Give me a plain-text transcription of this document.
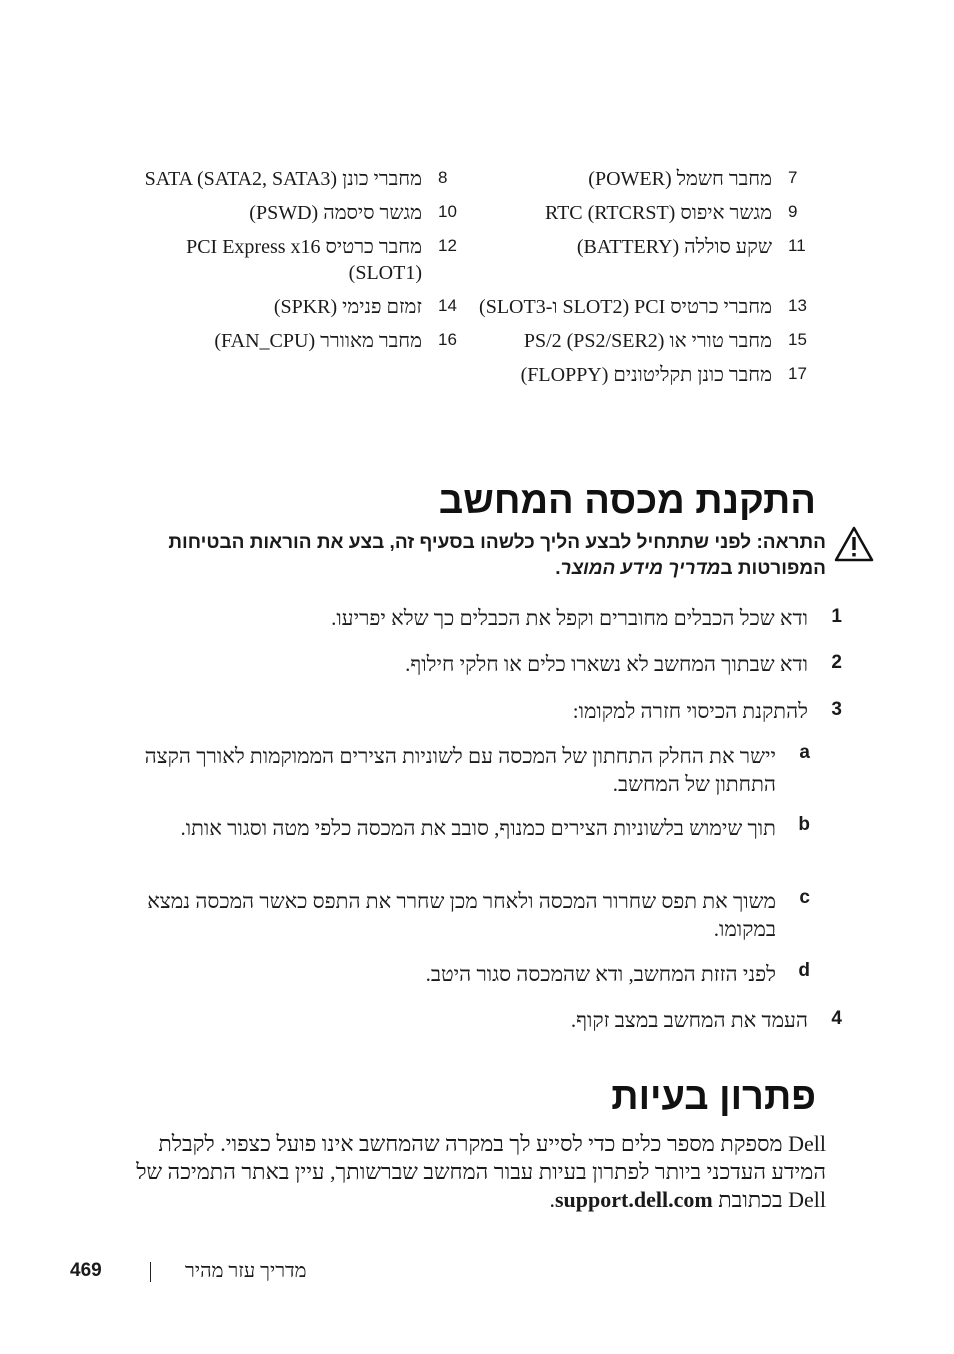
7
מחבר חשמל (POWER)
8
מחברי כונן SATA (SATA2, SATA3)
9
מגשר איפוס RTC (RTCRST)
10
מגשר סיסמה (PSWD)
11
שקע סוללה (BATTERY)
12
מחבר כרטיס PCI Express x16 (SLOT1)
13
מחברי כרטיס PCI (SLOT2 ו-SLOT3)
14
זמזם פנימי (SPKR)
15
מחבר טורי או PS/2 (PS2/SER2)
16
מחבר מאוורר (FAN_CPU)
17
מחבר כונן תקליטונים (FLOPPY)
התקנת מכסה המחשב
התראה: לפני שתתחיל לבצע הליך כלשהו בסעיף זה, בצע את הוראות הבטיחות המפורטות במדריך מידע המוצר.
1
ודא שכל הכבלים מחוברים וקפל את הכבלים כך שלא יפריעו.
2
ודא שבתוך המחשב לא נשארו כלים או חלקי חילוף.
3
להתקנת הכיסוי חזרה למקומו:
a
יישר את החלק התחתון של המכסה עם לשוניות הצירים הממוקמות לאורך הקצה התחתון של המחשב.
b
תוך שימוש בלשוניות הצירים כמנוף, סובב את המכסה כלפי מטה וסגור אותו.
c
משוך את תפס שחרור המכסה ולאחר מכן שחרר את התפס כאשר המכסה נמצא במקומו.
d
לפני הזזת המחשב, ודא שהמכסה סגור היטב.
4
העמד את המחשב במצב זקוף.
פתרון בעיות
Dell מספקת מספר כלים כדי לסייע לך במקרה שהמחשב אינו פועל כצפוי. לקבלת המידע העדכני ביותר לפתרון בעיות עבור המחשב שברשותך, עיין באתר התמיכה של Dell בכתובת support.dell.com.
469	מדריך עזר מהיר
